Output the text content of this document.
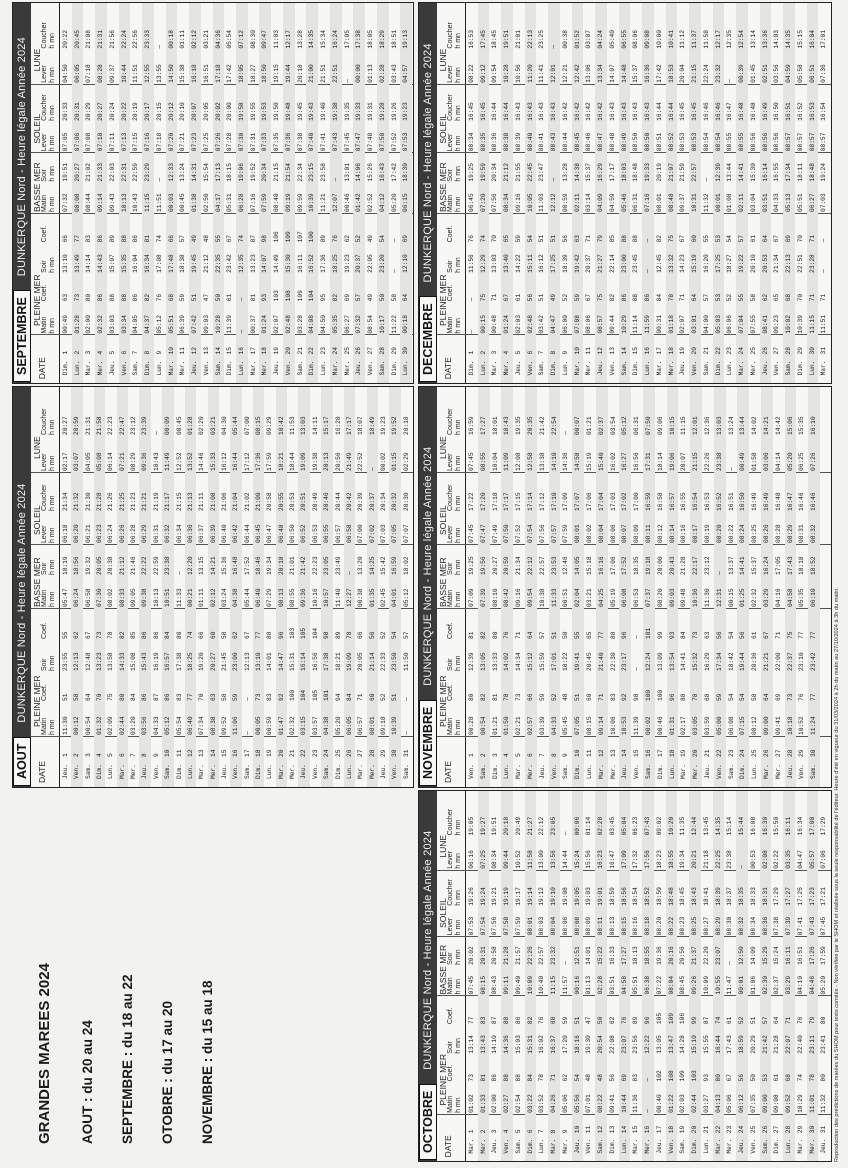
GRANDES MAREES 2024 AOUT : du 20 au 24 SEPTEMBRE : du 18 au 22 OTOBRE : du 17 au 20 NOVEMBRE : du 15 au 18	Reproduction des prédictions de marées du SHOM pour tests comités - Non vérifiée par le SHOM et réalisée sous la seule responsabilité de l'éditeur. Heure d'été en vigueur du 31/03/2024 à 2h du matin au 27/10/2024 à 3h du matin.
AOUT
DUNKERQUE Nord - Heure légale Année 2024
DATE
PLEINE MER Matin
Soir
Coef.
Coef.
BASSE MER Matin
Soir
SOLEIL Lever
Coucher
LUNE
Lever
Coucher
h mn
h mn
h mn
h mn
h mn
h mn
h mn
h mn
Jeu.
1
11:30
51
23:55
55
05:47
18:19
06:18
21:34
02:17
20:27
Ven.
2
00:12
58
12:13
62
06:24
18:56
06:20
21:32
03:07
20:59
Sam.
3
00:54
64
12:48
67
06:58
19:32
06:21
21:30
04:05
21:31
Dim.
4
01:32
70
13:23
73
07:30
20:05
06:23
21:28
05:08
21:58
Lun.
5
02:09
75
13:58
78
08:02
20:38
06:24
21:26
06:14
22:23
Mar.
6
02:44
80
14:33
82
08:33
21:12
06:26
21:25
07:21
22:47
Mer.
7
03:20
84
15:08
85
09:05
21:46
06:28
21:23
08:29
23:12
Jeu.
8
03:56
86
15:43
86
09:38
22:22
06:29
21:21
09:36
23:39
Ven.
9
04:33
87
16:19
86
10:13
22:59
06:31
21:19
10:43
—
Sam.
10
05:12
86
16:57
84
10:51
23:38
06:32
21:17
11:49
00:09
Dim.
11
05:54
83
17:38
80
11:33
—
06:34
21:15
12:52
00:45
Lun.
12
06:40
77
18:25
74
00:21
12:20
06:36
21:13
13:52
01:28
Mar.
13
07:34
70
19:20
66
01:11
13:15
06:37
21:11
14:46
02:20
Mer.
14
08:38
63
20:27
60
02:12
14:21
06:39
21:08
15:33
03:21
Jeu.
15
09:52
58
21:45
58
03:24
15:36
06:40
21:06
16:12
04:30
Ven.
16
11:06
59
23:00
62
04:38
16:48
06:42
21:04
16:44
05:44
Sam.
17
—
—
12:13
67
05:44
17:52
06:44
21:02
17:12
07:00
Dim.
18
00:05
73
13:10
77
06:40
18:46
06:45
21:00
17:36
08:15
Lun.
19
00:59
83
14:01
88
07:29
19:34
06:47
20:58
17:59
09:29
Mar.
20
01:47
92
14:47
96
08:13
20:18
06:48
20:55
18:21
10:42
Mer.
21
02:32
100
15:31
103
08:55
21:01
06:50
20:53
18:44
11:53
Jeu.
22
03:15
104
16:14
105
09:36
21:42
06:52
20:51
19:09
13:03
Ven.
23
03:57
105
16:56
104
10:16
22:23
06:53
20:49
19:38
14:11
Sam.
24
04:38
101
17:38
98
10:57
23:05
06:55
20:46
20:13
15:17
Dim.
25
05:20
94
18:21
89
11:40
23:49
06:57
20:44
20:56
16:20
Lun.
26
06:05
84
19:09
78
12:27
—
06:58
20:42
21:49
17:17
Mar.
27
06:57
71
20:05
66
00:38
13:20
07:00
20:39
22:52
18:07
Mer.
28
08:01
60
21:14
56
01:35
14:25
07:02
20:37
—
18:49
Jeu.
29
09:18
52
22:33
52
02:45
15:42
07:03
20:34
00:02
19:23
Ven.
30
10:39
51
23:50
54
04:01
16:59
07:05
20:32
01:15
19:52
Sam.
31
—
—
11:50
57
05:12
18:02
07:07
20:30
02:29
20:18
SEPTEMBRE
DUNKERQUE Nord - Heure légale Année 2024
DATE
PLEINE MER Matin
Soir
Coef.
Coef.
BASSE MER Matin
Soir
SOLEIL Lever
Coucher
LUNE
Lever
Coucher
h mn
h mn
h mn
h mn
h mn
h mn
h mn
h mn
Dim.
1
00:49
63
13:10
66
07:32
19:51
07:05
20:33
04:50
20:22
Lun.
2
01:28
73
13:49
77
08:08
20:27
07:06
20:31
06:05
20:45
Mar.
3
02:00
80
14:14
83
08:44
21:02
07:08
20:29
07:18
21:08
Mer.
4
02:32
86
14:43
86
09:14
21:33
07:10
20:27
08:28
21:31
Jeu.
5
03:03
88
15:07
89
09:43
22:03
07:11
20:24
09:37
21:56
Ven.
6
03:34
88
15:35
88
10:13
22:31
07:13
20:22
10:44
22:24
Sam.
7
04:05
86
16:04
86
10:43
22:59
07:15
20:19
11:51
22:56
Dim.
8
04:37
82
16:34
81
11:15
23:29
07:16
20:17
12:55
23:33
Lun.
9
05:12
76
17:08
74
11:51
—
07:18
20:15
13:55
—
Mar.
10
05:51
68
17:48
66
00:03
12:33
07:20
20:12
14:50
00:18
Mer.
11
06:39
59
18:38
57
00:45
13:24
07:21
20:10
15:38
01:11
Jeu.
12
07:42
51
19:45
49
01:38
14:31
07:23
20:07
16:18
02:12
Ven.
13
09:03
47
21:12
48
02:50
15:54
07:25
20:05
16:51
03:21
Sam.
14
10:28
50
22:35
55
04:17
17:13
07:26
20:02
17:18
04:36
Dim.
15
11:39
61
23:42
67
05:31
18:15
07:28
20:00
17:42
05:54
Lun.
16
—
—
12:35
74
06:28
19:06
07:30
19:58
18:05
07:12
Mar.
17
00:37
81
13:23
87
07:16
19:52
07:31
19:55
18:27
08:30
Mer.
18
01:24
93
14:07
98
07:59
20:34
07:33
19:53
18:50
09:47
Jeu.
19
02:07
103
14:49
106
08:40
21:15
07:35
19:50
19:15
11:03
Ven.
20
02:48
108
15:30
109
09:19
21:54
07:36
19:48
19:44
12:17
Sam.
21
03:28
109
16:11
107
09:59
22:34
07:38
19:45
20:18
13:28
Dim.
22
04:08
104
16:52
100
10:39
23:15
07:40
19:43
21:00
14:35
Lun.
23
04:50
95
17:36
89
11:21
23:58
07:41
19:40
21:51
15:34
Mar.
24
05:35
82
18:25
76
12:07
—
07:43
19:38
22:51
16:24
Mer.
25
06:27
69
19:23
62
00:46
13:01
07:45
19:35
—
17:05
Jeu.
26
07:32
57
20:37
52
01:42
14:06
07:47
19:33
00:00
17:38
Ven.
27
08:54
49
22:05
49
02:52
15:26
07:48
19:31
01:13
18:05
Sam.
28
10:17
50
23:20
54
04:12
16:43
07:50
19:28
02:28
18:29
Dim.
29
11:22
58
—
—
05:20
17:42
07:52
19:26
03:43
18:51
Lun.
30
00:18
64
12:10
69
06:15
18:30
07:53
19:23
04:57
19:13
OCTOBRE
DUNKERQUE Nord - Heure légale Année 2024
DATE
PLEINE MER Matin
Soir
Coef.
Coef.
BASSE MER Matin
Soir
SOLEIL Lever
Coucher
LUNE
Lever
Coucher
h mn
h mn
h mn
h mn
h mn
h mn
h mn
h mn
Mar.
1
01:02
73
13:14
77
07:45
20:02
07:53
19:26
06:16
19:05
Mer.
2
01:33
81
13:43
83
08:15
20:31
07:54
19:24
07:25
19:27
Jeu.
3
02:00
86
14:10
87
08:43
20:58
07:56
19:21
08:34
19:51
Ven.
4
02:27
88
14:36
88
09:11
21:28
07:58
19:19
09:44
20:18
Sam.
5
02:54
88
15:03
86
09:40
21:57
07:59
19:17
10:52
20:49
Dim.
6
03:22
84
15:31
82
10:09
22:26
08:01
19:14
11:58
21:27
Lun.
7
03:52
78
16:02
76
10:40
22:57
08:03
19:12
13:00
22:12
Mar.
8
04:26
71
16:37
68
11:15
23:32
08:04
19:10
13:56
23:05
Mer.
9
05:06
62
17:20
59
11:57
—
08:06
19:08
14:44
—
Jeu.
10
05:56
54
18:16
51
00:16
12:51
08:08
19:05
15:24
00:06
Ven.
11
07:01
48
19:30
47
01:13
14:01
08:09
19:03
15:56
01:14
Sam.
12
08:22
48
20:54
50
02:28
15:22
08:11
19:01
16:23
02:28
Dim.
13
09:41
56
22:08
62
03:51
16:33
08:13
18:59
16:47
03:45
Lun.
14
10:44
69
23:07
76
04:58
17:27
08:15
18:56
17:09
05:04
Mar.
15
11:36
83
23:56
89
05:51
18:13
08:16
18:54
17:32
06:23
Mer.
16
—
—
12:22
96
06:38
18:55
08:18
18:52
17:56
07:43
Jeu.
17
00:40
102
13:05
105
07:22
19:36
08:20
18:50
18:23
09:02
Ven.
18
01:22
108
13:47
109
08:04
20:16
08:22
18:48
18:55
10:20
Sam.
19
02:03
109
14:28
106
08:45
20:56
08:23
18:45
19:34
11:35
Dim.
20
02:44
103
15:10
99
09:26
21:37
08:25
18:43
20:21
12:44
Lun.
21
03:27
93
15:55
87
10:09
22:20
08:27
18:41
21:18
13:45
Mar.
22
04:13
80
16:44
74
10:55
23:07
08:29
18:39
22:25
14:35
Mer.
23
05:06
67
17:43
61
11:47
—
08:30
18:37
23:38
15:14
Jeu.
24
06:12
56
18:59
52
00:01
12:50
08:32
18:35
—
15:44
Ven.
25
07:35
50
20:29
51
01:06
14:09
08:34
18:33
00:53
16:08
Sam.
26
09:00
53
21:42
57
02:30
15:29
08:36
18:31
02:08
16:30
Dim.
27
09:08
61
21:28
64
02:37
15:24
07:38
17:29
02:22
15:50
Lun.
28
09:52
68
22:07
71
03:29
16:11
07:39
17:27
03:35
16:11
Mar.
29
10:29
74
22:40
76
04:10
16:51
07:41
17:25
04:47
16:34
Mer.
30
11:01
78
23:11
79
04:46
17:26
07:43
17:23
05:57
17:00
Jeu.
31
11:32
80
23:41
80
05:20
17:59
07:45
17:21
07:06
17:29
NOVEMBRE
DUNKERQUE Nord - Heure légale Année 2024
DATE
PLEINE MER Matin
Soir
Coef.
Coef.
BASSE MER Matin
Soir
SOLEIL Lever
Coucher
LUNE
Lever
Coucher
h mn
h mn
h mn
h mn
h mn
h mn
h mn
h mn
Ven.
1
00:28
80
12:39
81
07:09
19:25
07:45
17:22
07:45
16:59
Sam.
2
00:54
82
13:05
82
07:39
19:56
07:47
17:20
08:55
17:27
Dim.
3
01:21
81
13:33
80
08:10
20:27
07:49
17:18
10:04
18:01
Lun.
4
01:50
78
14:02
76
08:42
20:59
07:50
17:17
11:09
18:43
Mar.
5
02:21
73
14:34
71
09:16
21:34
07:52
17:15
12:08
19:35
Mer.
6
02:57
66
15:12
64
09:54
22:12
07:54
17:14
12:58
20:35
Jeu.
7
03:39
59
15:59
57
10:38
22:57
07:56
17:12
13:38
21:42
Ven.
8
04:33
52
17:01
51
11:33
23:53
07:57
17:10
14:10
22:54
Sam.
9
05:45
48
18:22
50
00:51
12:46
07:59
17:09
14:36
—
Dim.
10
07:05
51
19:41
55
02:04
14:05
08:01
17:07
14:58
00:07
Lun.
11
08:15
60
20:45
65
03:21
15:18
08:02
17:06
15:19
01:21
Mar.
12
09:14
71
21:40
77
04:25
16:16
08:04
17:04
15:40
02:37
Mer.
13
10:06
83
22:30
88
05:19
17:06
08:06
17:03
16:02
03:54
Jeu.
14
10:53
92
23:17
96
06:08
17:52
08:07
17:02
16:27
05:12
Ven.
15
11:39
98
—
—
06:53
18:35
08:09
17:00
16:56
06:31
Sam.
16
00:02
100
12:24
101
07:37
19:18
08:11
16:59
17:31
07:50
Dim.
17
00:46
100
13:09
99
08:20
20:00
08:12
16:58
18:14
09:06
Lun.
18
01:31
96
13:54
93
09:03
20:43
08:14
16:57
19:06
10:15
Mar.
19
02:17
88
14:41
84
09:48
21:28
08:16
16:55
20:07
11:15
Mer.
20
03:05
78
15:32
73
10:36
22:17
08:17
16:54
21:15
12:01
Jeu.
21
03:59
68
16:29
63
11:30
23:12
08:19
16:53
22:26
12:36
Ven.
22
05:00
59
17:34
56
12:31
—
08:20
16:52
23:38
13:03
Sam.
23
06:08
54
18:42
54
00:15
13:37
08:22
16:51
—
13:24
Dim.
24
07:15
54
19:44
56
01:25
14:41
08:24
16:50
00:49
13:44
Lun.
25
08:12
58
20:36
61
02:32
15:37
08:25
16:49
01:58
14:02
Mar.
26
09:00
64
21:21
67
03:29
16:24
08:26
16:49
03:06
14:21
Mer.
27
09:41
69
22:00
71
04:16
17:05
08:28
16:48
04:14
14:42
Jeu.
28
10:18
73
22:37
75
04:58
17:43
08:29
16:47
05:20
15:06
Ven.
29
10:52
76
23:10
77
05:35
18:18
08:31
16:46
06:25
15:35
Sam.
30
11:24
77
23:42
77
06:10
18:52
08:32
16:46
07:26
16:10
DECEMBRE
DUNKERQUE Nord - Heure légale Année 2024
DATE
PLEINE MER Matin
Soir
Coef.
Coef.
BASSE MER Matin
Soir
SOLEIL Lever
Coucher
LUNE
Lever
Coucher
h mn
h mn
h mn
h mn
h mn
h mn
h mn
h mn
Dim.
1
—
—
11:56
76
06:45
19:25
08:34
16:45
08:22
16:53
Lun.
2
00:15
75
12:29
74
07:20
19:59
08:35
16:45
09:12
17:45
Mar.
3
00:48
71
13:03
70
07:56
20:34
08:36
16:44
09:54
18:45
Mer.
4
01:24
67
13:40
65
08:34
21:12
08:38
16:44
10:28
19:51
Jeu.
5
02:03
61
14:22
59
09:16
21:55
08:39
16:43
10:56
21:01
Ven.
6
02:48
56
15:11
54
10:05
22:45
08:40
16:43
11:20
22:13
Sam.
7
03:42
51
16:12
51
11:03
23:47
08:41
16:43
11:41
23:25
Dim.
8
04:47
49
17:25
51
12:12
—
08:43
16:43
12:01
—
Lun.
9
06:00
52
18:39
56
00:59
13:28
08:44
16:42
12:21
00:38
Mar.
10
07:08
59
19:42
63
02:11
14:38
08:45
16:42
12:42
01:52
Mer.
11
08:06
67
20:37
71
03:14
15:37
08:46
16:42
13:06
03:07
Jeu.
12
08:57
75
21:27
79
04:09
16:29
08:47
16:42
13:34
04:24
Ven.
13
09:44
82
22:14
85
04:59
17:17
08:48
16:43
14:07
05:40
Sam.
14
10:29
86
23:00
88
05:46
18:03
08:49
16:43
14:48
06:55
Dim.
15
11:14
88
23:45
88
06:31
18:48
08:50
16:43
15:37
08:06
Lun.
16
11:59
86
—
—
07:16
19:33
08:50
16:43
16:36
09:08
Mar.
17
00:31
84
12:45
82
08:01
20:19
08:51
16:44
17:42
10:00
Mer.
18
01:18
78
13:32
75
08:48
21:07
08:52
16:44
18:53
10:41
Jeu.
19
02:07
71
14:23
67
09:37
21:59
08:53
16:45
20:04
11:12
Ven.
20
03:01
64
15:19
60
10:31
22:57
08:53
16:45
21:15
11:37
Sam.
21
04:00
57
16:20
55
11:32
—
08:54
16:46
22:24
11:58
Dim.
22
05:03
53
17:25
53
00:01
12:39
08:54
16:46
23:32
12:17
Lun.
23
06:06
52
18:27
54
01:08
13:44
08:55
16:47
—
12:35
Mar.
24
07:04
55
19:22
57
02:11
14:41
08:55
16:48
00:39
12:54
Mer.
25
07:55
58
20:10
61
03:04
15:30
08:56
16:48
01:45
13:14
Jeu.
26
08:41
62
20:53
64
03:51
16:14
08:56
16:49
02:51
13:36
Ven.
27
09:23
65
21:34
67
04:33
16:55
08:56
16:50
03:56
14:03
Sam.
28
10:02
68
22:13
69
05:13
17:34
08:57
16:51
04:59
14:35
Dim.
29
10:39
70
22:51
70
05:51
18:11
08:57
16:52
05:58
15:15
Lun.
30
11:15
71
23:28
71
06:27
18:48
08:57
16:53
06:51
16:04
Mar.
31
11:51
71
—
—
07:03
19:24
08:57
16:54
07:36
17:01
